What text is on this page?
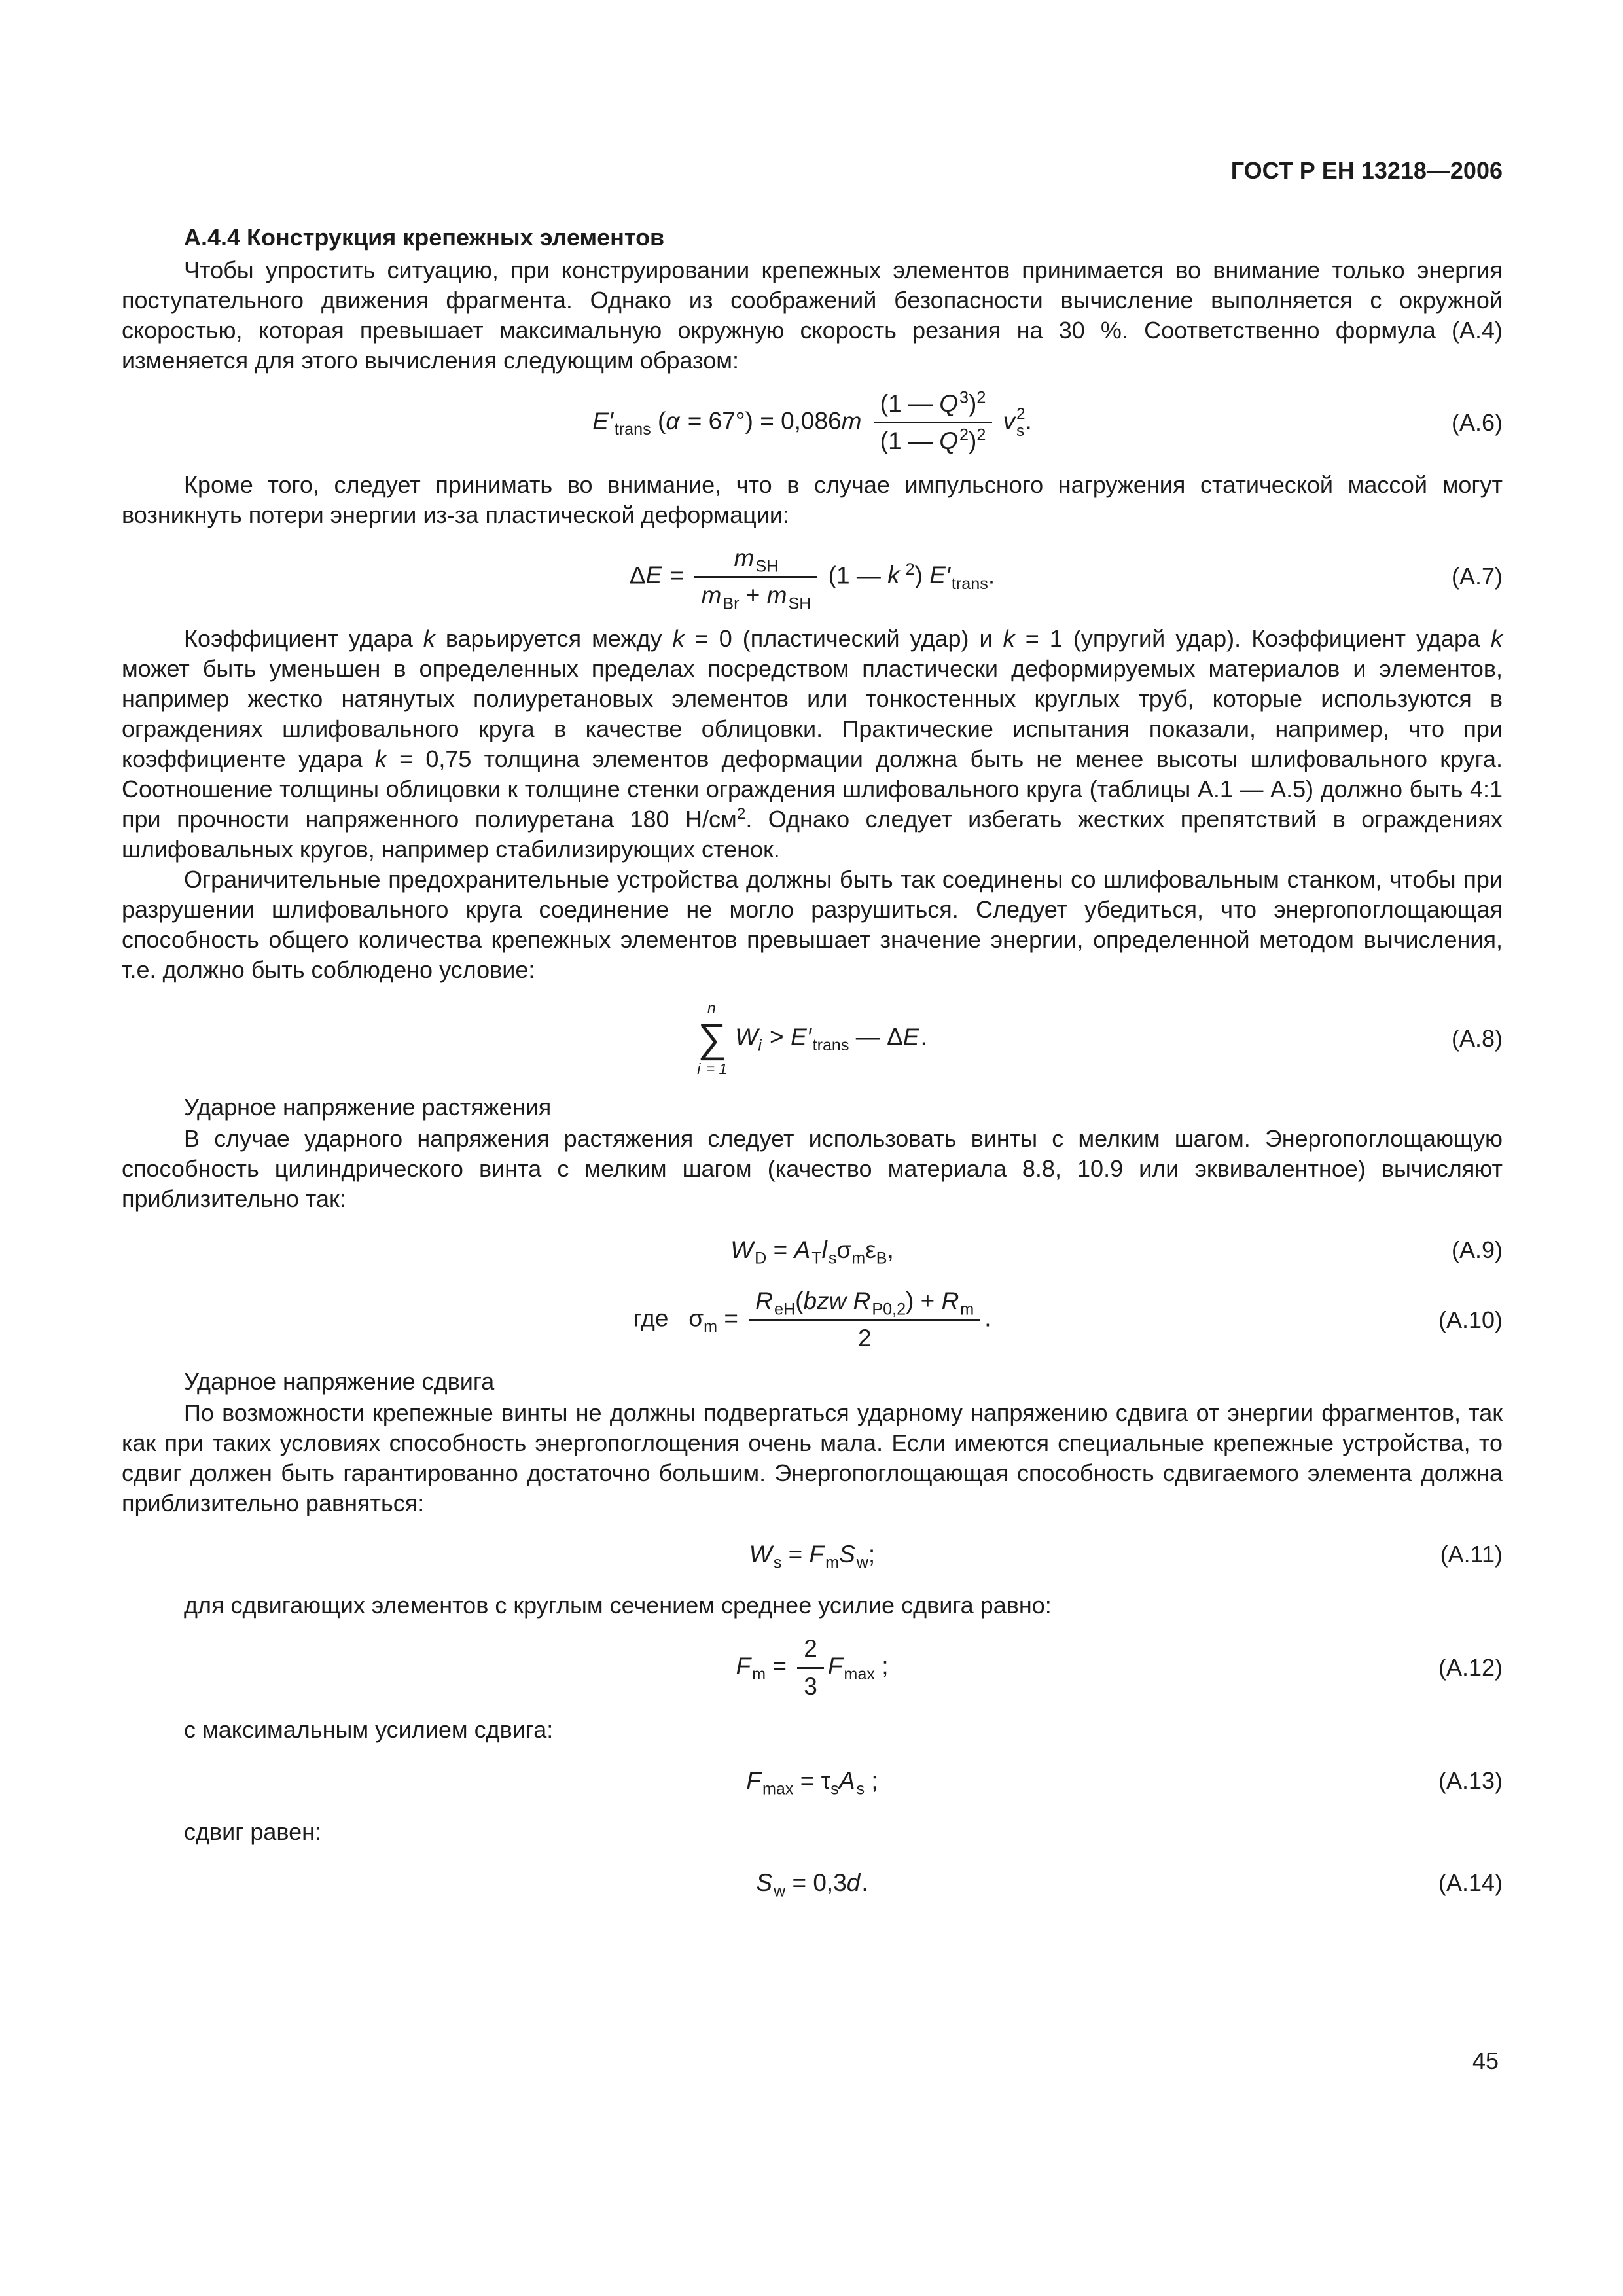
ГОСТ Р ЕН 13218—2006
А.4.4 Конструкция крепежных элементов

Чтобы упростить ситуацию, при конструировании крепежных элементов принимается во внимание только энергия поступательного движения фрагмента. Однако из соображений безопасности вычисление выполняется с окружной скоростью, которая превышает максимальную окружную скорость резания на 30 %. Соответственно формула (А.4) изменяется для этого вычисления следующим образом:

$E'_{trans}$ $(\alpha = 67^\circ) = 0,086m \frac{(1 — Q^3)^2}{(1 — Q^2)^2}$ v 2
s .	(А.6)

Кроме того, следует принимать во внимание, что в случае импульсного нагружения статической массой могут возникнуть потери энергии из-за пластической деформации:

$\Delta E = \frac{m_{SH}}{m_{Br} + m_{SH}} (1$ — k $^2$) $E'_{trans}$.	(А.7)

Коэффициент удара k варьируется между k = 0 (пластический удар) и k = 1 (упругий удар). Коэффициент удара k может быть уменьшен в определенных пределах посредством пластически деформируемых материалов и элементов, например жестко натянутых полиуретановых элементов или тонкостенных круглых труб, которые используются в ограждениях шлифовального круга в качестве облицовки. Практические испытания показали, например, что при коэффициенте удара k = 0,75 толщина элементов деформации должна быть не менее высоты шлифовального круга. Соотношение толщины облицовки к толщине стенки ограждения шлифовального круга (таблицы А.1 — А.5) должно быть 4:1 при прочности напряженного полиуретана 180 $Н/см^2$. Однако следует избегать жестких препятствий в ограждениях шлифовальных кругов, например стабилизирующих стенок.

Ограничительные предохранительные устройства должны быть так соединены со шлифовальным станком, чтобы при разрушении шлифовального круга соединение не могло разрушиться. Следует убедиться, что энергопоглощающая способность общего количества крепежных элементов превышает значение энергии, определенной методом вычисления, т.е. должно быть соблюдено условие:

n
∑
i = 1
$W_i > E'_{trans}$ — ΔE.	(А.8)
Ударное напряжение растяжения

В случае ударного напряжения растяжения следует использовать винты с мелким шагом. Энергопоглощающую способность цилиндрического винта с мелким шагом (качество материала 8.8, 10.9 или эквивалентное) вычисляют приблизительно так:

$W_D = A_Tl_s\sigma_m\varepsilon_B$,	(А.9)
где   $\sigma_m = \frac{R_{eH}(bzw R_{P0,2}) + R_m}{2}$ .	(А.10)
Ударное напряжение сдвига

По возможности крепежные винты не должны подвергаться ударному напряжению сдвига от энергии фрагментов, так как при таких условиях способность энергопоглощения очень мала. Если имеются специальные крепежные устройства, то сдвиг должен быть гарантированно достаточно большим. Энергопоглощающая способность сдвигаемого элемента должна приблизительно равняться:

$W_s = F_mS_w$;	(А.11)

для сдвигающих элементов с круглым сечением среднее усилие сдвига равно:

$F_m = \frac{2}{3} F_{max}$ ;	(А.12)

с максимальным усилием сдвига:

$F_{max} = \tau_sA_s$ ;	(А.13)

сдвиг равен:

$S_w = 0,3d$.	(А.14)
45
